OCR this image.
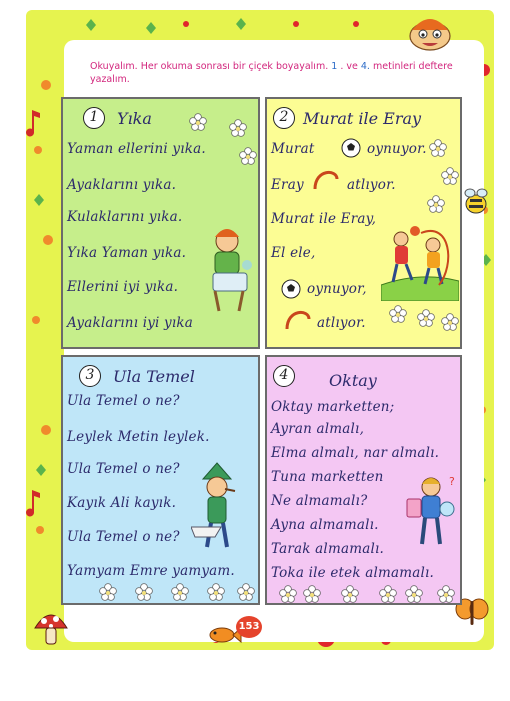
153
Okuyalım. Her okuma sonrası bir çiçek boyayalım. 1 . ve 4. metinleri deftere yazalım.
1	Yıka
Yaman ellerini yıka.
Ayaklarını yıka.
Kulaklarını yıka.
Yıka Yaman yıka.
Ellerini iyi yıka.
Ayaklarını iyi yıka
2 Murat ile Eray
Murat	oynuyor.
Eray	atlıyor.
Murat ile Eray,
El ele,
oynuyor,
atlıyor.
3	Ula Temel
Ula Temel o ne?
Leylek Metin leylek.
Ula Temel o ne?
Kayık Ali kayık.
Ula Temel o ne?
Yamyam Emre yamyam.
4	Oktay
Oktay marketten;
Ayran almalı,
Elma almalı, nar almalı.
Tuna marketten
Ne almamalı?
Ayna almamalı.
Tarak almamalı.
Toka ile etek almamalı.
?
